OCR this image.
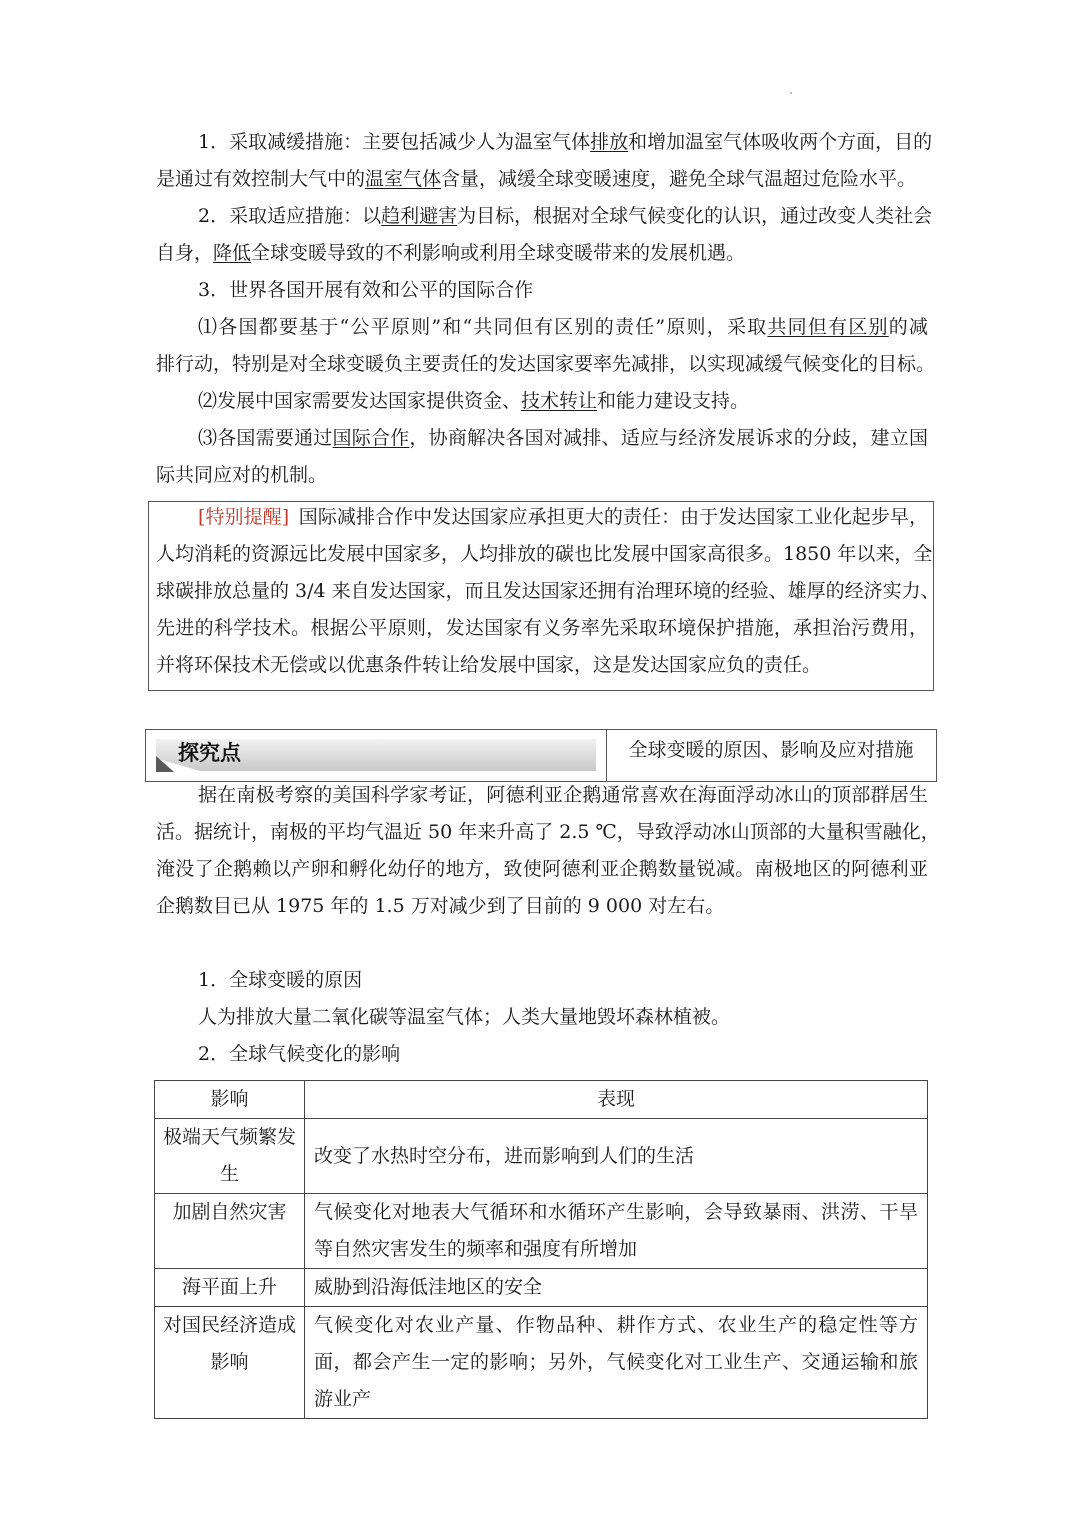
1．采取减缓措施：主要包括减少人为温室气体排放和增加温室气体吸收两个方面，目的
是通过有效控制大气中的温室气体含量，减缓全球变暖速度，避免全球气温超过危险水平。
2．采取适应措施：以趋利避害为目标，根据对全球气候变化的认识，通过改变人类社会
自身，降低全球变暖导致的不利影响或利用全球变暖带来的发展机遇。
3．世界各国开展有效和公平的国际合作
⑴各国都要基于“公平原则”和“共同但有区别的责任”原则，采取共同但有区别的减
排行动，特别是对全球变暖负主要责任的发达国家要率先减排，以实现减缓气候变化的目标。
⑵发展中国家需要发达国家提供资金、技术转让和能力建设支持。
⑶各国需要通过国际合作，协商解决各国对减排、适应与经济发展诉求的分歧，建立国
际共同应对的机制。
[特别提醒]  国际减排合作中发达国家应承担更大的责任：由于发达国家工业化起步早，
人均消耗的资源远比发展中国家多，人均排放的碳也比发展中国家高很多。1850 年以来，全
球碳排放总量的 3/4 来自发达国家，而且发达国家还拥有治理环境的经验、雄厚的经济实力、
先进的科学技术。根据公平原则，发达国家有义务率先采取环境保护措施，承担治污费用，
并将环保技术无偿或以优惠条件转让给发展中国家，这是发达国家应负的责任。
探究点	全球变暖的原因、影响及应对措施
据在南极考察的美国科学家考证，阿德利亚企鹅通常喜欢在海面浮动冰山的顶部群居生
活。据统计，南极的平均气温近 50 年来升高了 2.5 ℃，导致浮动冰山顶部的大量积雪融化，
淹没了企鹅赖以产卵和孵化幼仔的地方，致使阿德利亚企鹅数量锐减。南极地区的阿德利亚
企鹅数目已从 1975 年的 1.5 万对减少到了目前的 9 000 对左右。
1．全球变暖的原因
人为排放大量二氧化碳等温室气体；人类大量地毁坏森林植被。
2．全球气候变化的影响
影响	表现
极端天气频繁发生	改变了水热时空分布，进而影响到人们的生活
加剧自然灾害	气候变化对地表大气循环和水循环产生影响，会导致暴雨、洪涝、干旱等自然灾害发生的频率和强度有所增加
海平面上升	威胁到沿海低洼地区的安全
对国民经济造成影响	气候变化对农业产量、作物品种、耕作方式、农业生产的稳定性等方面，都会产生一定的影响；另外，气候变化对工业生产、交通运输和旅游业产
